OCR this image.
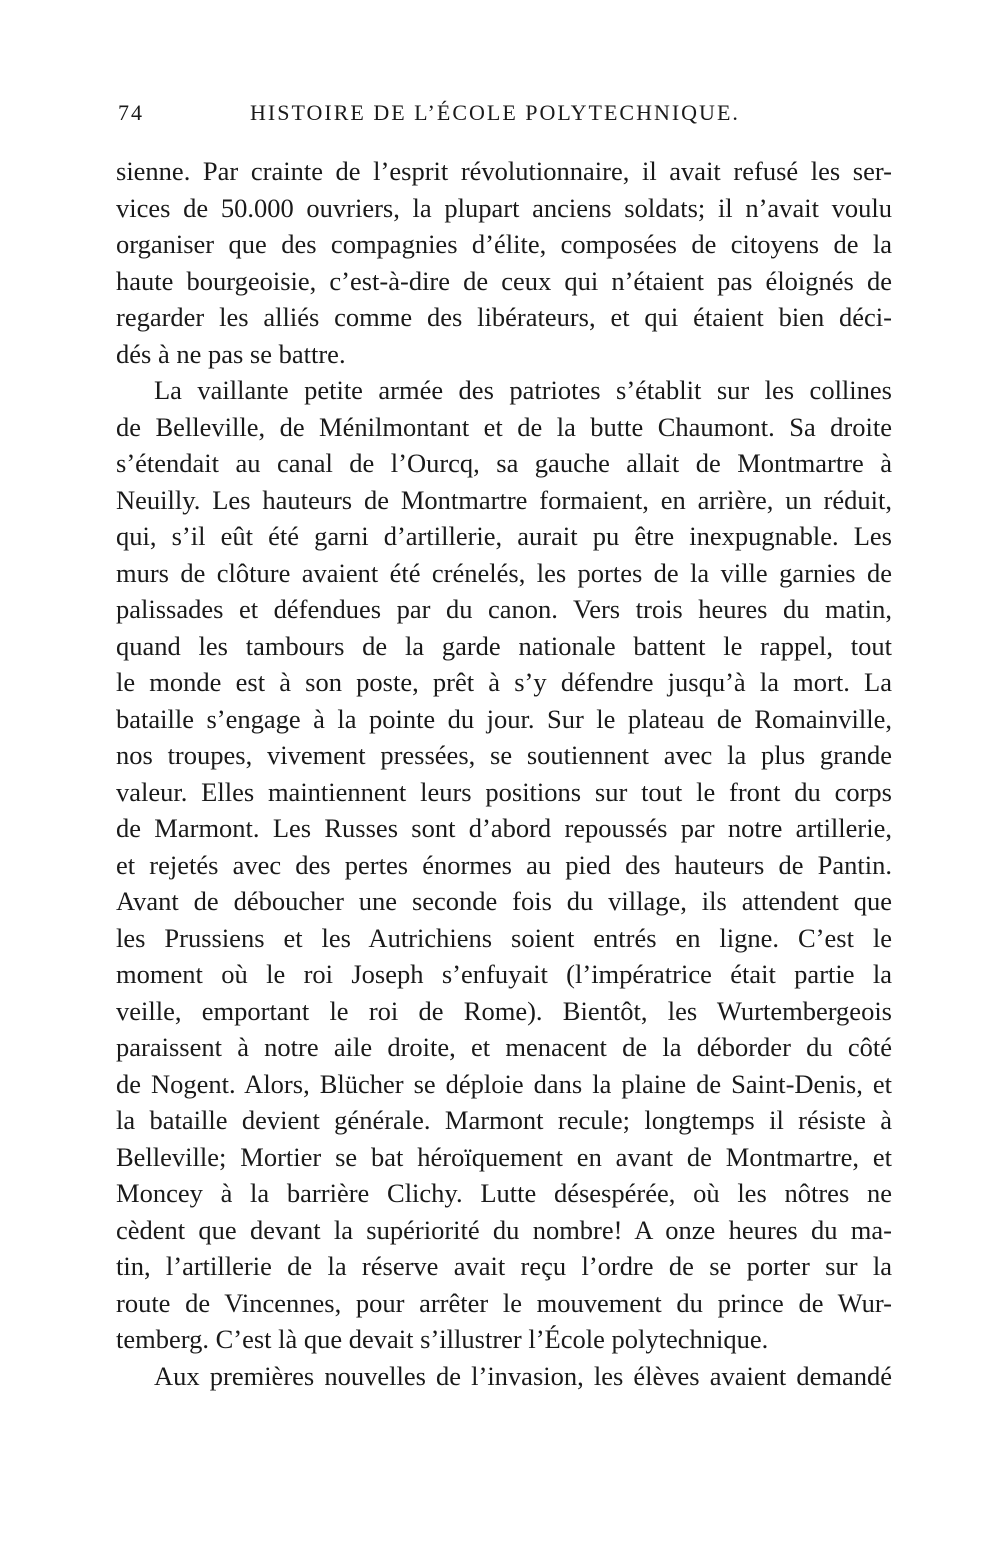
74	HISTOIRE DE L’ÉCOLE POLYTECHNIQUE.
sienne. Par crainte de l’esprit révolutionnaire, il avait refusé les ser-
vices de 50.000 ouvriers, la plupart anciens soldats; il n’avait voulu
organiser que des compagnies d’élite, composées de citoyens de la
haute bourgeoisie, c’est-à-dire de ceux qui n’étaient pas éloignés de
regarder les alliés comme des libérateurs, et qui étaient bien déci-
dés à ne pas se battre.
La vaillante petite armée des patriotes s’établit sur les collines
de Belleville, de Ménilmontant et de la butte Chaumont. Sa droite
s’étendait au canal de l’Ourcq, sa gauche allait de Montmartre à
Neuilly. Les hauteurs de Montmartre formaient, en arrière, un réduit,
qui, s’il eût été garni d’artillerie, aurait pu être inexpugnable. Les
murs de clôture avaient été crénelés, les portes de la ville garnies de
palissades et défendues par du canon. Vers trois heures du matin,
quand les tambours de la garde nationale battent le rappel, tout
le monde est à son poste, prêt à s’y défendre jusqu’à la mort. La
bataille s’engage à la pointe du jour. Sur le plateau de Romainville,
nos troupes, vivement pressées, se soutiennent avec la plus grande
valeur. Elles maintiennent leurs positions sur tout le front du corps
de Marmont. Les Russes sont d’abord repoussés par notre artillerie,
et rejetés avec des pertes énormes au pied des hauteurs de Pantin.
Avant de déboucher une seconde fois du village, ils attendent que
les Prussiens et les Autrichiens soient entrés en ligne. C’est le
moment où le roi Joseph s’enfuyait (l’impératrice était partie la
veille, emportant le roi de Rome). Bientôt, les Wurtembergeois
paraissent à notre aile droite, et menacent de la déborder du côté
de Nogent. Alors, Blücher se déploie dans la plaine de Saint-Denis, et
la bataille devient générale. Marmont recule; longtemps il résiste à
Belleville; Mortier se bat héroïquement en avant de Montmartre, et
Moncey à la barrière Clichy. Lutte désespérée, où les nôtres ne
cèdent que devant la supériorité du nombre! A onze heures du ma-
tin, l’artillerie de la réserve avait reçu l’ordre de se porter sur la
route de Vincennes, pour arrêter le mouvement du prince de Wur-
temberg. C’est là que devait s’illustrer l’École polytechnique.
Aux premières nouvelles de l’invasion, les élèves avaient demandé
